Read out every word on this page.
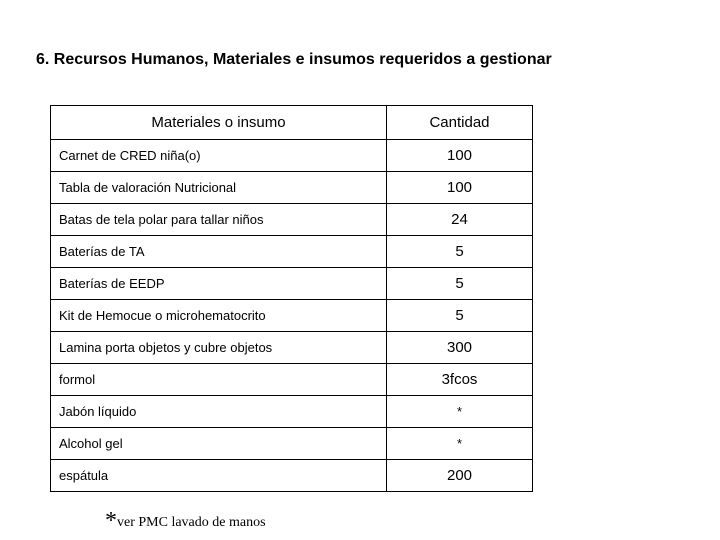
6. Recursos Humanos, Materiales e insumos requeridos a gestionar
Materiales o insumo	Cantidad
Carnet de CRED niña(o)	100
Tabla de valoración Nutricional	100
Batas de tela polar para tallar niños	24
Baterías de TA	5
Baterías de EEDP	5
Kit de Hemocue o microhematocrito	5
Lamina porta objetos y cubre objetos	300
formol	3fcos
Jabón líquido	*
Alcohol gel	*
espátula	200
*ver PMC lavado de manos
